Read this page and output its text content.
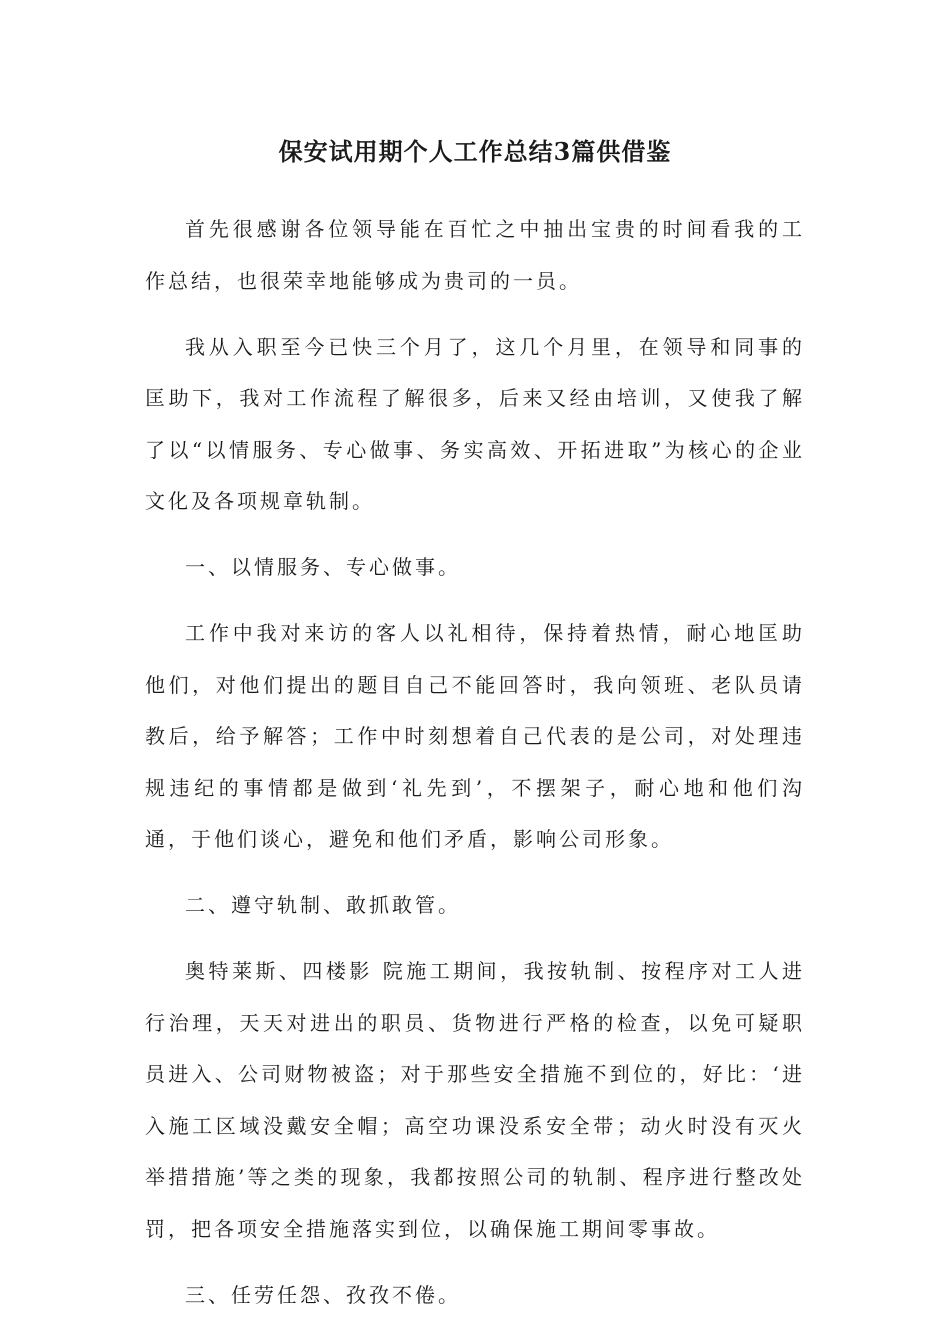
保安试用期个人工作总结3篇供借鉴

首先很感谢各位领导能在百忙之中抽出宝贵的时间看我的工作总结，也很荣幸地能够成为贵司的一员。

我从入职至今已快三个月了，这几个月里，在领导和同事的匡助下，我对工作流程了解很多，后来又经由培训，又使我了解了以“以情服务、专心做事、务实高效、开拓进取”为核心的企业文化及各项规章轨制。

一、以情服务、专心做事。

工作中我对来访的客人以礼相待，保持着热情，耐心地匡助他们，对他们提出的题目自己不能回答时，我向领班、老队员请教后，给予解答；工作中时刻想着自己代表的是公司，对处理违规违纪的事情都是做到‘礼先到’，不摆架子，耐心地和他们沟通，于他们谈心，避免和他们矛盾，影响公司形象。

二、遵守轨制、敢抓敢管。

奥特莱斯、四楼影 院施工期间，我按轨制、按程序对工人进行治理，天天对进出的职员、货物进行严格的检查，以免可疑职员进入、公司财物被盗；对于那些安全措施不到位的，好比：‘进入施工区域没戴安全帽；高空功课没系安全带；动火时没有灭火举措措施’等之类的现象，我都按照公司的轨制、程序进行整改处罚，把各项安全措施落实到位，以确保施工期间零事故。

三、任劳任怨、孜孜不倦。
